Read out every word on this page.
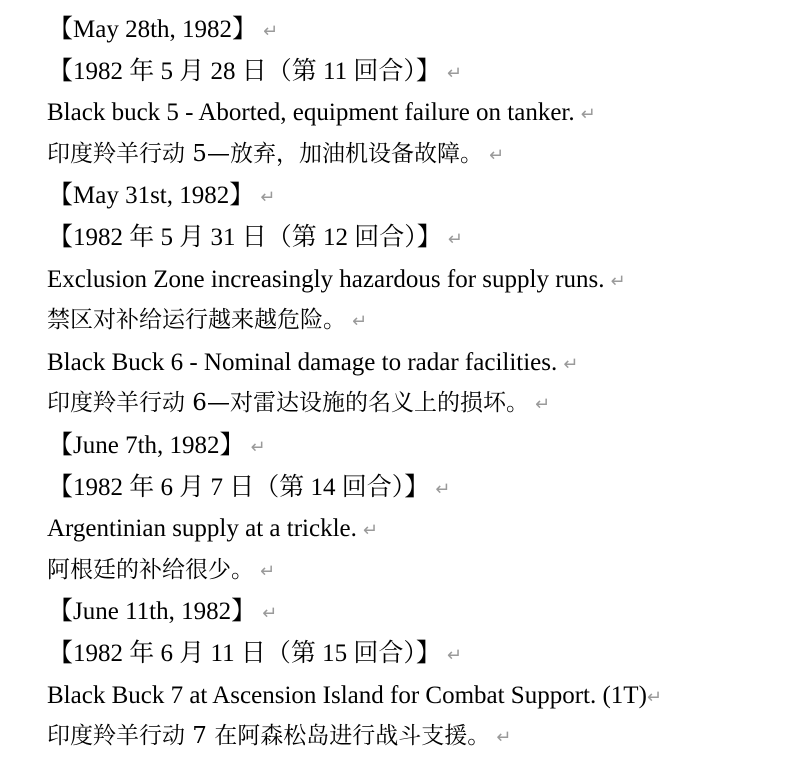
【May 28th, 1982】 ↵
【1982 年 5 月 28 日（第 11 回合）】 ↵
Black buck 5 - Aborted, equipment failure on tanker. ↵
印度羚羊行动 5—放弃，加油机设备故障。 ↵
【May 31st, 1982】 ↵
【1982 年 5 月 31 日（第 12 回合）】 ↵
Exclusion Zone increasingly hazardous for supply runs. ↵
禁区对补给运行越来越危险。 ↵
Black Buck 6 - Nominal damage to radar facilities. ↵
印度羚羊行动 6—对雷达设施的名义上的损坏。 ↵
【June 7th, 1982】 ↵
【1982 年 6 月 7 日（第 14 回合）】 ↵
Argentinian supply at a trickle. ↵
阿根廷的补给很少。 ↵
【June 11th, 1982】 ↵
【1982 年 6 月 11 日（第 15 回合）】 ↵
Black Buck 7 at Ascension Island for Combat Support. (1T)↵
印度羚羊行动 7 在阿森松岛进行战斗支援。 ↵
